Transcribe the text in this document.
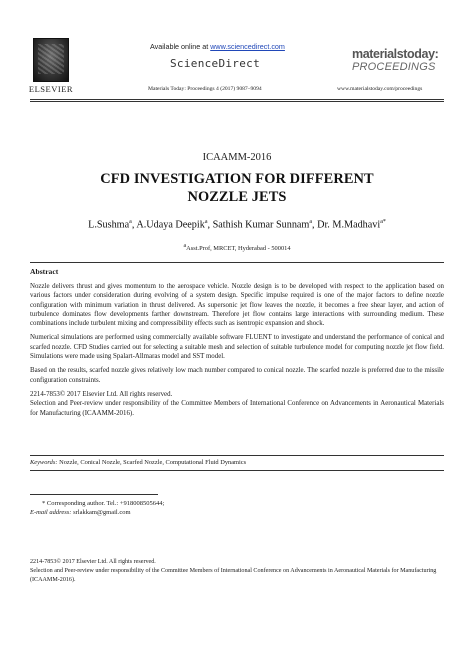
ELSEVIER
Available online at www.sciencedirect.com
ScienceDirect
Materials Today: Proceedings 4 (2017) 9087–9094
materialstoday:
PROCEEDINGS
www.materialstoday.com/proceedings
ICAAMM-2016
CFD INVESTIGATION FOR DIFFERENT NOZZLE JETS
L.Sushma$^a$, A.Udaya Deepik$^a$, Sathish Kumar Sunnam$^a$, Dr. M.Madhavi$^{a*}$
$^a$Asst.Prof, MRCET, Hyderabad - 500014
Abstract

Nozzle delivers thrust and gives momentum to the aerospace vehicle. Nozzle design is to be developed with respect to the application based on various factors under consideration during evolving of a system design. Specific impulse required is one of the major factors to define nozzle configuration with minimum variation in thrust delivered. As supersonic jet flow leaves the nozzle, it becomes a free shear layer, and action of turbulence dominates flow developments farther downstream. Therefore jet flow contains large interactions with surrounding medium. These combinations include turbulent mixing and compressibility effects such as isentropic expansion and shock.

Numerical simulations are performed using commercially available software FLUENT to investigate and understand the performance of conical and scarfed nozzle. CFD Studies carried out for selecting a suitable mesh and selection of suitable turbulence model for computing nozzle jet flow field. Simulations were made using Spalart-Allmaras model and SST model.

Based on the results, scarfed nozzle gives relatively low mach number compared to conical nozzle. The scarfed nozzle is preferred due to the missile configuration constraints.

2214-7853© 2017 Elsevier Ltd. All rights reserved.

Selection and Peer-review under responsibility of the Committee Members of International Conference on Advancements in Aeronautical Materials for Manufacturing (ICAAMM-2016).

Keywords: Nozzle, Conical Nozzle, Scarfed Nozzle, Computational Fluid Dynamics
* Corresponding author. Tel.: +918008505644;
E-mail address: srlakkam@gmail.com
2214-7853© 2017 Elsevier Ltd. All rights reserved.
Selection and Peer-review under responsibility of the Committee Members of International Conference on Advancements in Aeronautical Materials for Manufacturing (ICAAMM-2016).
